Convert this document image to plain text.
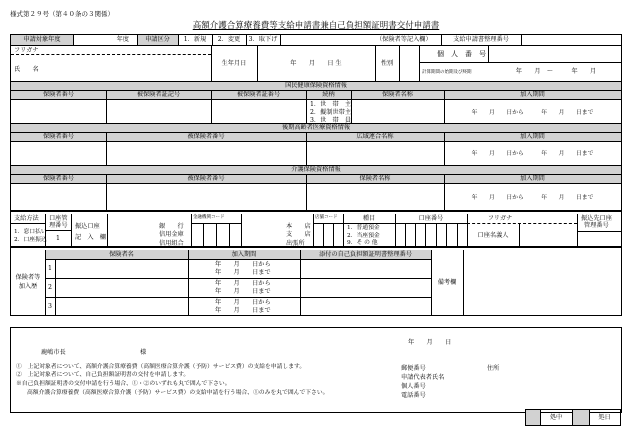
様式第２９号（第４０条の３関係）
高額介護合算療養費等支給申請書兼自己負担額証明書交付申請書
申請対象年度	年度	申請区分	1．新規	2．変更	3．取下げ	（保険者等記入欄）	支給申請書整理番号
フリガナ
氏　　名
生年月日	年　　月　　日 生	性別
個　人　番　号
計算期間の始期及び終期	年　　月　～　　　年　　月
国民健康保険資格情報
保険者番号	被保険者証記号	被保険者証番号	続柄	保険者名称	加入期間
1．世　帯　主
2．擬制世帯主
3．世　帯　員
年　　月　　日から　　　年　　月　　日まで
後期高齢者医療資格情報
保険者番号	被保険者番号	広域連合名称	加入期間
年　　月　　日から　　　年　　月　　日まで
介護保険資格情報
保険者番号	被保険者番号	保険者名称	加入期間
年　　月　　日から　　　年　　月　　日まで
支給方法
1．窓口払い
2．口座振込
口座管
理番号
1
振込口座
記　入　欄
銀　　行
信用金庫
信用組合
金融機関コード
本　　店
支　　店
出張所
店舗コード	種目
1．普通預金
2．当座預金
9．そ の 他
口座番号	フリガナ
口座名義人
振込先口座
管理番号
保険者等
加入歴
保険者名	加入期間	添付の自己負担額証明書整理番号
1
年　　月　　日から
年　　月　　日まで
2
年　　月　　日から
年　　月　　日まで
3
年　　月　　日から
年　　月　　日まで
備考欄
年　　月　　日
鹿嶋市長	様
①　上記対象者について、高額介護合算療養費（高額医療合算介護（予防）サービス費）の支給を申請します。
②　上記対象者について、自己負担額証明書の交付を申請します。
※自己負担額証明書の交付申請を行う場合、①・②のいずれも丸で囲んで下さい。
高額介護合算療養費（高額医療合算介護（予防）サービス費）の支給申請を行う場合、①のみを丸で囲んで下さい。
郵便番号	住所
申請代表者氏名
個人番号
電話番号
処中	処日
